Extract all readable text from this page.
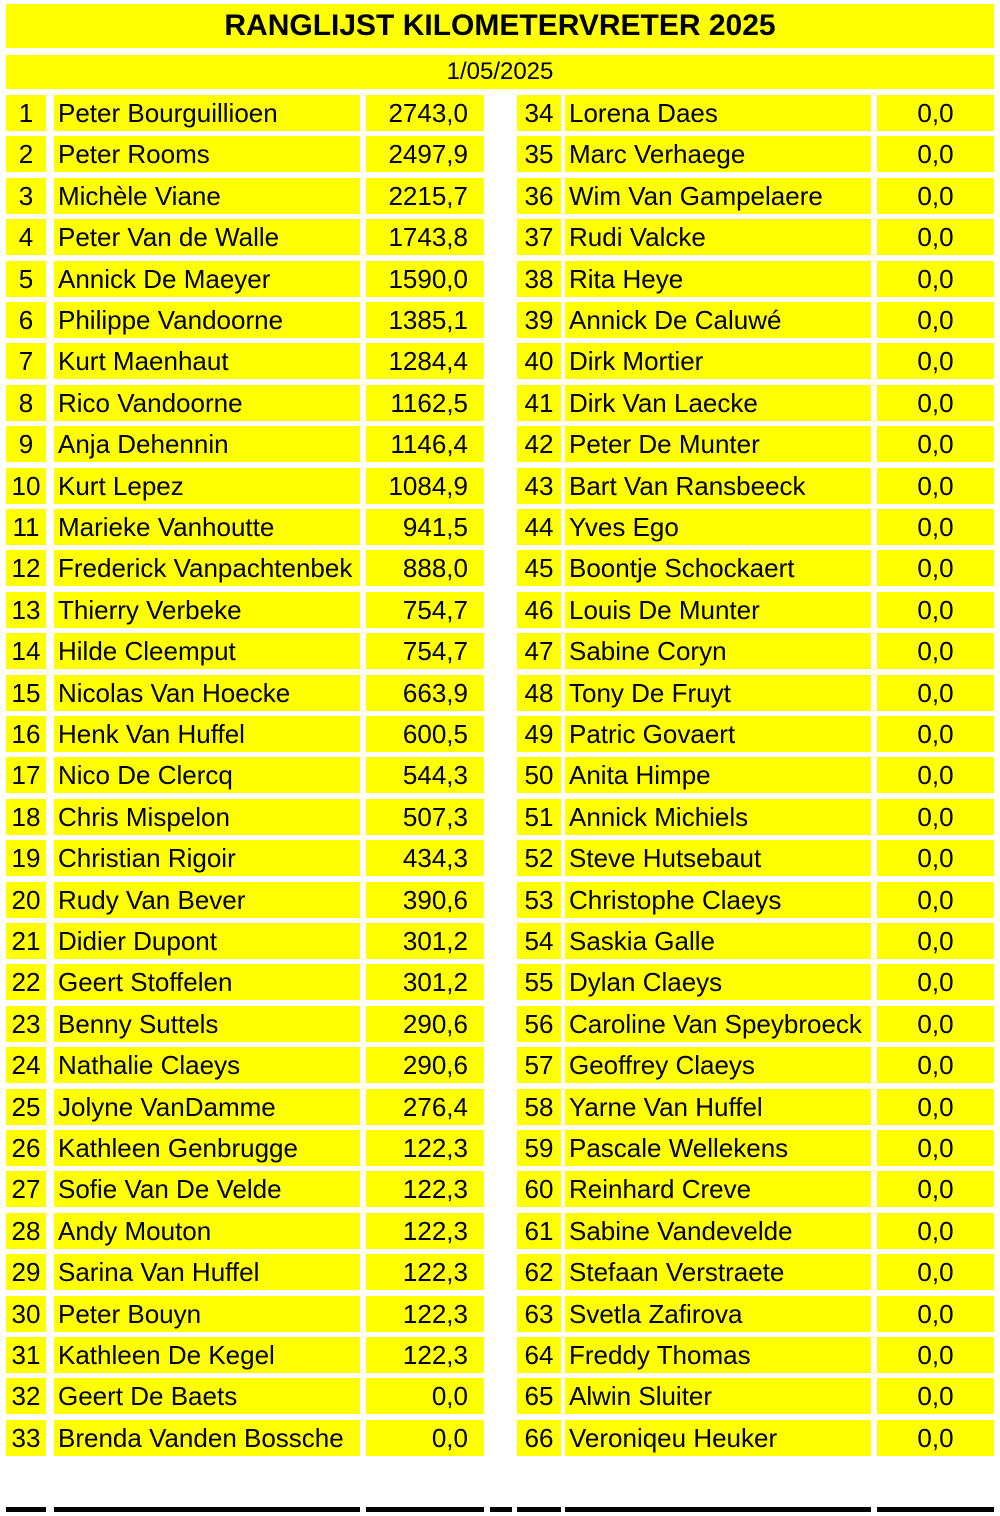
RANGLIJST KILOMETERVRETER 2025
1/05/2025
1 Peter Bourguillioen	2743,0
2 Peter Rooms	2497,9
3 Michèle Viane	2215,7
4 Peter Van de Walle	1743,8
5 Annick De Maeyer	1590,0
6 Philippe Vandoorne	1385,1
7 Kurt Maenhaut	1284,4
8 Rico Vandoorne	1162,5
9 Anja Dehennin	1146,4
10 Kurt Lepez	1084,9
11 Marieke Vanhoutte	941,5
12 Frederick Vanpachtenbek	888,0
13 Thierry Verbeke	754,7
14 Hilde Cleemput	754,7
15 Nicolas Van Hoecke	663,9
16 Henk Van Huffel	600,5
17 Nico De Clercq	544,3
18 Chris Mispelon	507,3
19 Christian Rigoir	434,3
20 Rudy Van Bever	390,6
21 Didier Dupont	301,2
22 Geert Stoffelen	301,2
23 Benny Suttels	290,6
24 Nathalie Claeys	290,6
25 Jolyne VanDamme	276,4
26 Kathleen Genbrugge	122,3
27 Sofie Van De Velde	122,3
28 Andy Mouton	122,3
29 Sarina Van Huffel	122,3
30 Peter Bouyn	122,3
31 Kathleen De Kegel	122,3
32 Geert De Baets	0,0
33 Brenda Vanden Bossche	0,0
34 Lorena Daes	0,0
35 Marc Verhaege	0,0
36 Wim Van Gampelaere	0,0
37 Rudi Valcke	0,0
38 Rita Heye	0,0
39 Annick De Caluwé	0,0
40 Dirk Mortier	0,0
41 Dirk Van Laecke	0,0
42 Peter De Munter	0,0
43 Bart Van Ransbeeck	0,0
44 Yves Ego	0,0
45 Boontje Schockaert	0,0
46 Louis De Munter	0,0
47 Sabine Coryn	0,0
48 Tony De Fruyt	0,0
49 Patric Govaert	0,0
50 Anita Himpe	0,0
51 Annick Michiels	0,0
52 Steve Hutsebaut	0,0
53 Christophe Claeys	0,0
54 Saskia Galle	0,0
55 Dylan Claeys	0,0
56 Caroline Van Speybroeck	0,0
57 Geoffrey Claeys	0,0
58 Yarne Van Huffel	0,0
59 Pascale Wellekens	0,0
60 Reinhard Creve	0,0
61 Sabine Vandevelde	0,0
62 Stefaan Verstraete	0,0
63 Svetla Zafirova	0,0
64 Freddy Thomas	0,0
65 Alwin Sluiter	0,0
66 Veroniqeu Heuker	0,0
